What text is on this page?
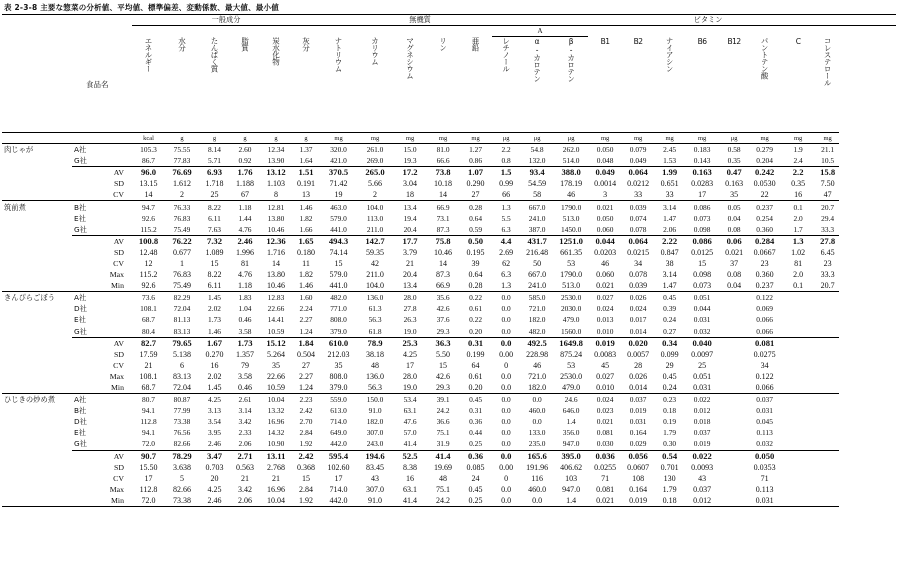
表 2-3-8 主要な惣菜の分析値、平均値、標準偏差、変動係数、最大値、最小値
		一般成分						無機質						ビタミン									
													A										
食品名		エネルギー	水分	たんぱく質	脂質	炭水化物	灰分	ナトリウム	カリウム	マグネシウム	リン	亜鉛	レチノール	α-カロテン	β-カロテン	B1	B2	ナイアシン	B6	B12	パントテン酸	C	コレステロール

		kcal	g	g	g	g	g	mg	mg	mg	mg	mg	μg	μg	μg	mg	mg	mg	mg	μg	mg	mg	mg
肉じゃが	A社	105.3	75.55	8.14	2.60	12.34	1.37	320.0	261.0	15.0	81.0	1.27	2.2	54.8	262.0	0.050	0.079	2.45	0.183	0.58	0.279	1.9	21.1
	G社	86.7	77.83	5.71	0.92	13.90	1.64	421.0	269.0	19.3	66.6	0.86	0.8	132.0	514.0	0.048	0.049	1.53	0.143	0.35	0.204	2.4	10.5
	AV	96.0	76.69	6.93	1.76	13.12	1.51	370.5	265.0	17.2	73.8	1.07	1.5	93.4	388.0	0.049	0.064	1.99	0.163	0.47	0.242	2.2	15.8
	SD	13.15	1.612	1.718	1.188	1.103	0.191	71.42	5.66	3.04	10.18	0.290	0.99	54.59	178.19	0.0014	0.0212	0.651	0.0283	0.163	0.0530	0.35	7.50
	CV	14	2	25	67	8	13	19	2	18	14	27	66	58	46	3	33	33	17	35	22	16	47
筑前煮	B社	94.7	76.33	8.22	1.18	12.81	1.46	463.0	104.0	13.4	66.9	0.28	1.3	667.0	1790.0	0.021	0.039	3.14	0.086	0.05	0.237	0.1	20.7
	E社	92.6	76.83	6.11	1.44	13.80	1.82	579.0	113.0	19.4	73.1	0.64	5.5	241.0	513.0	0.050	0.074	1.47	0.073	0.04	0.254	2.0	29.4
	G社	115.2	75.49	7.63	4.76	10.46	1.66	441.0	211.0	20.4	87.3	0.59	6.3	387.0	1450.0	0.060	0.078	2.06	0.098	0.08	0.360	1.7	33.3
	AV	100.8	76.22	7.32	2.46	12.36	1.65	494.3	142.7	17.7	75.8	0.50	4.4	431.7	1251.0	0.044	0.064	2.22	0.086	0.06	0.284	1.3	27.8
	SD	12.48	0.677	1.089	1.996	1.716	0.180	74.14	59.35	3.79	10.46	0.195	2.69	216.48	661.35	0.0203	0.0215	0.847	0.0125	0.021	0.0667	1.02	6.45
	CV	12	1	15	81	14	11	15	42	21	14	39	62	50	53	46	34	38	15	37	23	81	23
	Max	115.2	76.83	8.22	4.76	13.80	1.82	579.0	211.0	20.4	87.3	0.64	6.3	667.0	1790.0	0.060	0.078	3.14	0.098	0.08	0.360	2.0	33.3
	Min	92.6	75.49	6.11	1.18	10.46	1.46	441.0	104.0	13.4	66.9	0.28	1.3	241.0	513.0	0.021	0.039	1.47	0.073	0.04	0.237	0.1	20.7
きんぴらごぼう	A社	73.6	82.29	1.45	1.83	12.83	1.60	482.0	136.0	28.0	35.6	0.22	0.0	585.0	2530.0	0.027	0.026	0.45	0.051		0.122		
	D社	108.1	72.04	2.02	1.04	22.66	2.24	771.0	61.3	27.8	42.6	0.61	0.0	721.0	2030.0	0.024	0.024	0.39	0.044		0.069		
	E社	68.7	81.13	1.73	0.46	14.41	2.27	808.0	56.3	26.3	37.6	0.22	0.0	182.0	479.0	0.013	0.017	0.24	0.031		0.066		
	G社	80.4	83.13	1.46	3.58	10.59	1.24	379.0	61.8	19.0	29.3	0.20	0.0	482.0	1560.0	0.010	0.014	0.27	0.032		0.066		
	AV	82.7	79.65	1.67	1.73	15.12	1.84	610.0	78.9	25.3	36.3	0.31	0.0	492.5	1649.8	0.019	0.020	0.34	0.040		0.081		
	SD	17.59	5.138	0.270	1.357	5.264	0.504	212.03	38.18	4.25	5.50	0.199	0.00	228.98	875.24	0.0083	0.0057	0.099	0.0097		0.0275		
	CV	21	6	16	79	35	27	35	48	17	15	64	0	46	53	45	28	29	25		34		
	Max	108.1	83.13	2.02	3.58	22.66	2.27	808.0	136.0	28.0	42.6	0.61	0.0	721.0	2530.0	0.027	0.026	0.45	0.051		0.122		
	Min	68.7	72.04	1.45	0.46	10.59	1.24	379.0	56.3	19.0	29.3	0.20	0.0	182.0	479.0	0.010	0.014	0.24	0.031		0.066		
ひじきの炒め煮	A社	80.7	80.87	4.25	2.61	10.04	2.23	559.0	150.0	53.4	39.1	0.45	0.0	0.0	24.6	0.024	0.037	0.23	0.022		0.037		
	B社	94.1	77.99	3.13	3.14	13.32	2.42	613.0	91.0	63.1	24.2	0.31	0.0	460.0	646.0	0.023	0.019	0.18	0.012		0.031		
	D社	112.8	73.38	3.54	3.42	16.96	2.70	714.0	182.0	47.6	36.6	0.36	0.0	0.0	1.4	0.021	0.031	0.19	0.018		0.045		
	E社	94.1	76.56	3.95	2.33	14.32	2.84	649.0	307.0	57.0	75.1	0.44	0.0	133.0	356.0	0.081	0.164	1.79	0.037		0.113		
	G社	72.0	82.66	2.46	2.06	10.90	1.92	442.0	243.0	41.4	31.9	0.25	0.0	235.0	947.0	0.030	0.029	0.30	0.019		0.032		
	AV	90.7	78.29	3.47	2.71	13.11	2.42	595.4	194.6	52.5	41.4	0.36	0.0	165.6	395.0	0.036	0.056	0.54	0.022		0.050		
	SD	15.50	3.638	0.703	0.563	2.768	0.368	102.60	83.45	8.38	19.69	0.085	0.00	191.96	406.62	0.0255	0.0607	0.701	0.0093		0.0353		
	CV	17	5	20	21	21	15	17	43	16	48	24	0	116	103	71	108	130	43		71		
	Max	112.8	82.66	4.25	3.42	16.96	2.84	714.0	307.0	63.1	75.1	0.45	0.0	460.0	947.0	0.081	0.164	1.79	0.037		0.113		
	Min	72.0	73.38	2.46	2.06	10.04	1.92	442.0	91.0	41.4	24.2	0.25	0.0	0.0	1.4	0.021	0.019	0.18	0.012		0.031		
